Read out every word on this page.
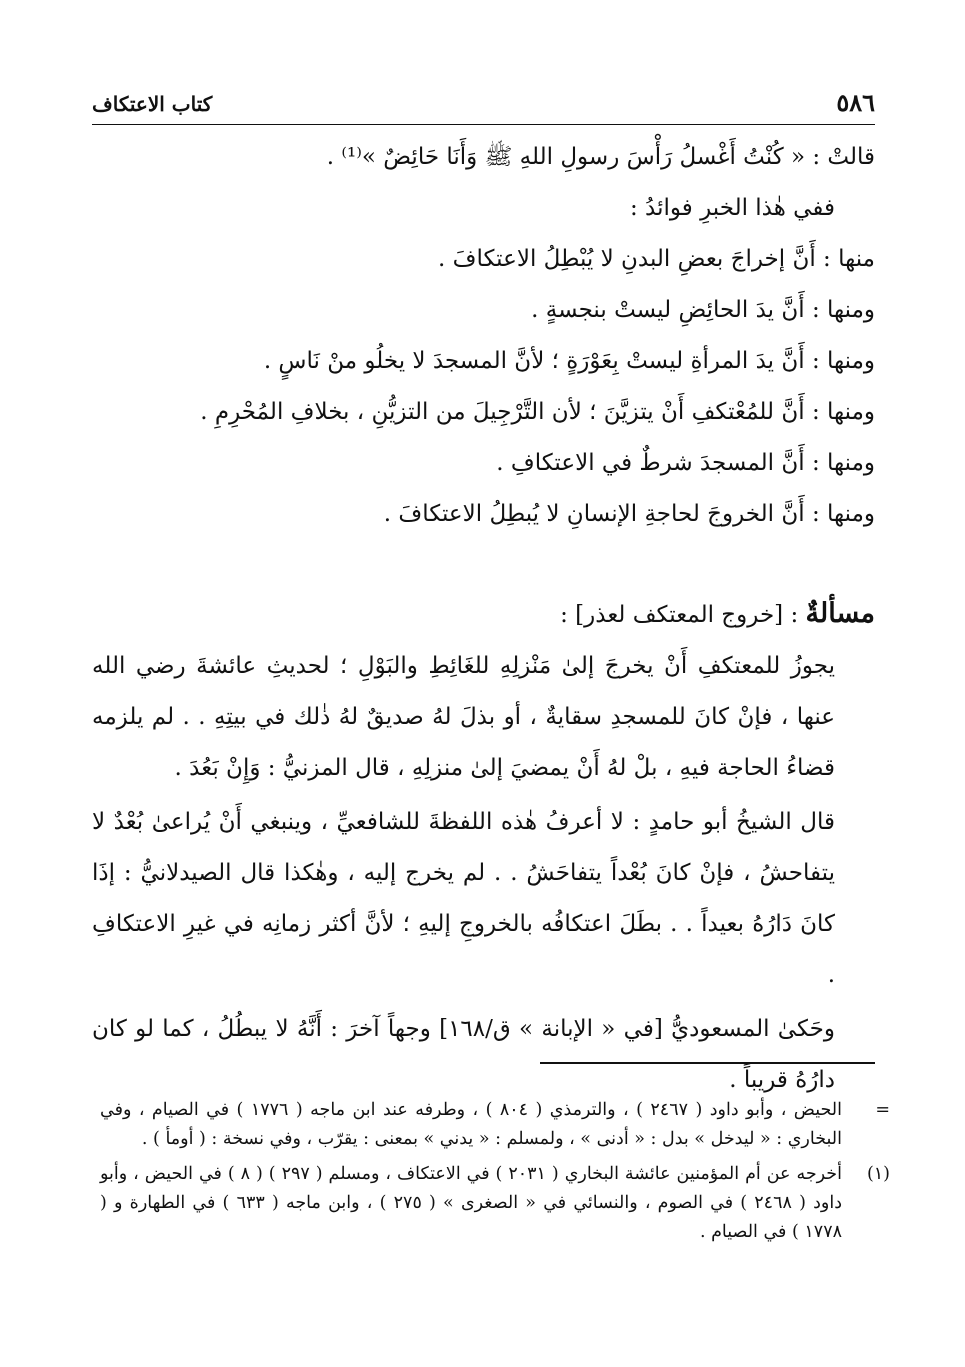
٥٨٦
كتاب الاعتكاف

قالتْ : « كُنْتُ أَغْسلُ رَأْسَ رسولِ اللهِ ﷺ وَأَنَا حَائِضٌ »⁽¹⁾ .

ففي هٰذا الخبرِ فوائدُ :

منها : أَنَّ إخراجَ بعضِ البدنِ لا يُبْطِلُ الاعتكافَ .

ومنها : أَنَّ يدَ الحائِضِ ليستْ بنجسةٍ .

ومنها : أَنَّ يدَ المرأةِ ليستْ بِعَوْرَةٍ ؛ لأنَّ المسجدَ لا يخلُو منْ نَاسٍ .

ومنها : أَنَّ للمُعْتكفِ أَنْ يتزيَّنَ ؛ لأن التَّرْجِيلَ من التزيُّنِ ، بخلافِ المُحْرِمِ .

ومنها : أَنَّ المسجدَ شرطٌ في الاعتكافِ .

ومنها : أَنَّ الخروجَ لحاجةِ الإنسانِ لا يُبطِلُ الاعتكافَ .

مسألةٌ : [خروج المعتكف لعذر] :

يجوزُ للمعتكفِ أَنْ يخرجَ إلىٰ مَنْزلِهِ للغَائِطِ والبَوْلِ ؛ لحديثِ عائشةَ رضي الله عنها ، فإنْ كانَ للمسجدِ سقايةٌ ، أو بذلَ لهُ صديقٌ لهُ ذٰلك في بيتِهِ . . لم يلزمه قضاءُ الحاجة فيهِ ، بلْ لهُ أَنْ يمضيَ إلىٰ منزلِهِ ، قال المزنيُّ : وَإِنْ بَعُدَ .

قال الشيخُ أبو حامدٍ : لا أعرفُ هٰذه اللفظةَ للشافعيِّ ، وينبغي أَنْ يُراعىٰ بُعْدٌ لا يتفاحشُ ، فإنْ كانَ بُعْداً يتفاحَشُ . . لم يخرج إليه ، وهٰكذا قال الصيدلانيُّ : إذَا كانَ دَارُهُ بعيداً . . بطَلَ اعتكافُه بالخروجِ إليهِ ؛ لأنَّ أكثر زمانِه في غيرِ الاعتكافِ .

وحَكىٰ المسعوديُّ [في « الإبانة » ق/١٦٨] وجهاً آخرَ : أَنَّهُ لا يبطُلُ ، كما لو كان دارُهُ قريباً .

=
الحيض ، وأبو داود ( ٢٤٦٧ ) ، والترمذي ( ٨٠٤ ) ، وطرفه عند ابن ماجه ( ١٧٧٦ ) في الصيام ، وفي البخاري : « ليدخل » بدل : « أدنى » ، ولمسلم : « يدني » بمعنى : يقرّب ، وفي نسخة : ( أومأ ) .
(١)
أخرجه عن أم المؤمنين عائشة البخاري ( ٢٠٣١ ) في الاعتكاف ، ومسلم ( ٢٩٧ ) ( ٨ ) في الحيض ، وأبو داود ( ٢٤٦٨ ) في الصوم ، والنسائي في « الصغرى » ( ٢٧٥ ) ، وابن ماجه ( ٦٣٣ ) في الطهارة و ( ١٧٧٨ ) في الصيام .
